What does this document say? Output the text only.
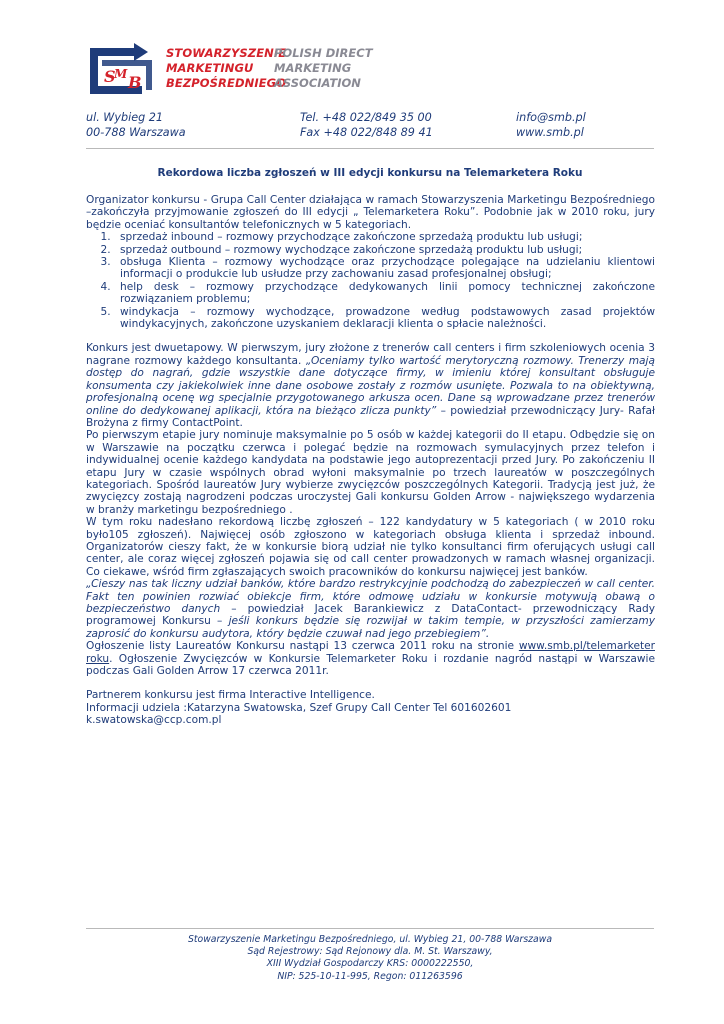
S
M B
STOWARZYSZENIE
MARKETINGU
BEZPOŚREDNIEGO
POLISH DIRECT
MARKETING
ASSOCIATION
ul. Wybieg 21
00-788 Warszawa
Tel. +48 022/849 35 00
Fax +48 022/848 89 41
info@smb.pl
www.smb.pl
Rekordowa liczba zgłoszeń w III edycji konkursu na Telemarketera Roku

Organizator konkursu - Grupa Call Center działająca w ramach Stowarzyszenia Marketingu Bezpośredniego –zakończyła przyjmowanie zgłoszeń do III edycji „ Telemarketera Roku”. Podobnie jak w 2010 roku, jury będzie oceniać konsultantów telefonicznych w 5 kategoriach.

1. sprzedaż inbound – rozmowy przychodzące zakończone sprzedażą produktu lub usługi;
2. sprzedaż outbound – rozmowy wychodzące zakończone sprzedażą produktu lub usługi;
3. obsługa Klienta – rozmowy wychodzące oraz przychodzące polegające na udzielaniu klientowi informacji o produkcie lub usłudze przy zachowaniu zasad profesjonalnej obsługi;
4. help desk – rozmowy przychodzące dedykowanych linii pomocy technicznej zakończone rozwiązaniem problemu;
5. windykacja – rozmowy wychodzące, prowadzone według podstawowych zasad projektów windykacyjnych, zakończone uzyskaniem deklaracji klienta o spłacie należności.

Konkurs jest dwuetapowy. W pierwszym, jury złożone z trenerów call centers i firm szkoleniowych ocenia 3 nagrane rozmowy każdego konsultanta. „Oceniamy tylko wartość merytoryczną rozmowy. Trenerzy mają dostęp do nagrań, gdzie wszystkie dane dotyczące firmy, w imieniu której konsultant obsługuje konsumenta czy jakiekolwiek inne dane osobowe zostały z rozmów usunięte. Pozwala to na obiektywną, profesjonalną ocenę wg specjalnie przygotowanego arkusza ocen. Dane są wprowadzane przez trenerów online do dedykowanej aplikacji, która na bieżąco zlicza punkty” – powiedział przewodniczący Jury- Rafał Brożyna z firmy ContactPoint.

Po pierwszym etapie jury nominuje maksymalnie po 5 osób w każdej kategorii do II etapu. Odbędzie się on w Warszawie na początku czerwca i polegać będzie na rozmowach symulacyjnych przez telefon i indywidualnej ocenie każdego kandydata na podstawie jego autoprezentacji przed Jury. Po zakończeniu II etapu Jury w czasie wspólnych obrad wyłoni maksymalnie po trzech laureatów w poszczególnych kategoriach. Spośród laureatów Jury wybierze zwycięzców poszczególnych Kategorii. Tradycją jest już, że zwycięzcy zostają nagrodzeni podczas uroczystej Gali konkursu Golden Arrow - największego wydarzenia w branży marketingu bezpośredniego .

W tym roku nadesłano rekordową liczbę zgłoszeń – 122 kandydatury w 5 kategoriach ( w 2010 roku było105 zgłoszeń). Najwięcej osób zgłoszono w kategoriach obsługa klienta i sprzedaż inbound. Organizatorów cieszy fakt, że w konkursie biorą udział nie tylko konsultanci firm oferujących usługi call center, ale coraz więcej zgłoszeń pojawia się od call center prowadzonych w ramach własnej organizacji. Co ciekawe, wśród firm zgłaszających swoich pracowników do konkursu najwięcej jest banków.

„Cieszy nas tak liczny udział banków, które bardzo restrykcyjnie podchodzą do zabezpieczeń w call center. Fakt ten powinien rozwiać obiekcje firm, które odmowę udziału w konkursie motywują obawą o bezpieczeństwo danych – powiedział Jacek Barankiewicz z DataContact- przewodniczący Rady programowej Konkursu – jeśli konkurs będzie się rozwijał w takim tempie, w przyszłości zamierzamy zaprosić do konkursu audytora, który będzie czuwał nad jego przebiegiem”.

Ogłoszenie listy Laureatów Konkursu nastąpi 13 czerwca 2011 roku na stronie www.smb.pl/telemarketer roku. Ogłoszenie Zwycięzców w Konkursie Telemarketer Roku i rozdanie nagród nastąpi w Warszawie podczas Gali Golden Arrow 17 czerwca 2011r.

Partnerem konkursu jest firma Interactive Intelligence.

Informacji udziela :Katarzyna Swatowska, Szef Grupy Call Center Tel 601602601

k.swatowska@ccp.com.pl

Stowarzyszenie Marketingu Bezpośredniego, ul. Wybieg 21, 00-788 Warszawa
Sąd Rejestrowy: Sąd Rejonowy dla. M. St. Warszawy,
XIII Wydział Gospodarczy KRS: 0000222550,
NIP: 525-10-11-995, Regon: 011263596
